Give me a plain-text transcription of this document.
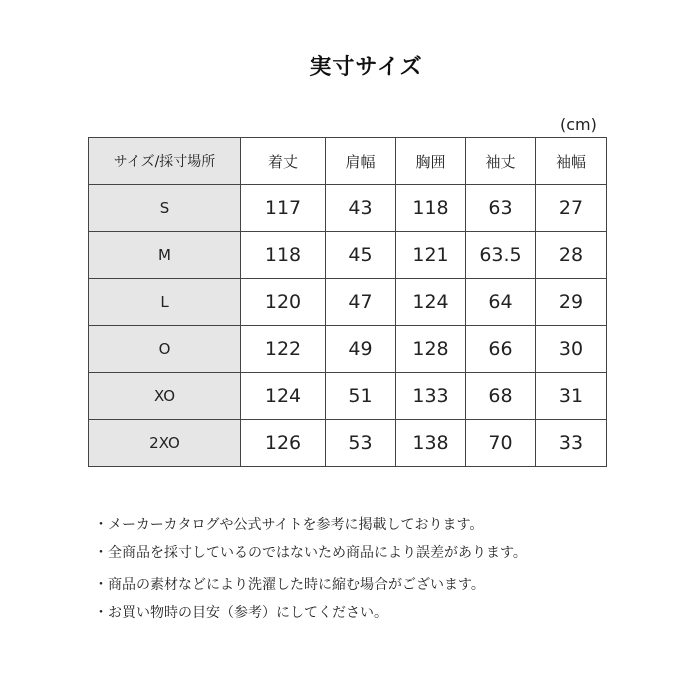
実寸サイズ
(cm)
サイズ/採寸場所	着丈	肩幅	胸囲	袖丈	袖幅
S	117	43	118	63	27
M	118	45	121	63.5	28
L	120	47	124	64	29
O	122	49	128	66	30
XO	124	51	133	68	31
2XO	126	53	138	70	33
・メーカーカタログや公式サイトを参考に掲載しております。
・全商品を採寸しているのではないため商品により誤差があります。
・商品の素材などにより洗濯した時に縮む場合がございます。
・お買い物時の目安（参考）にしてください。
